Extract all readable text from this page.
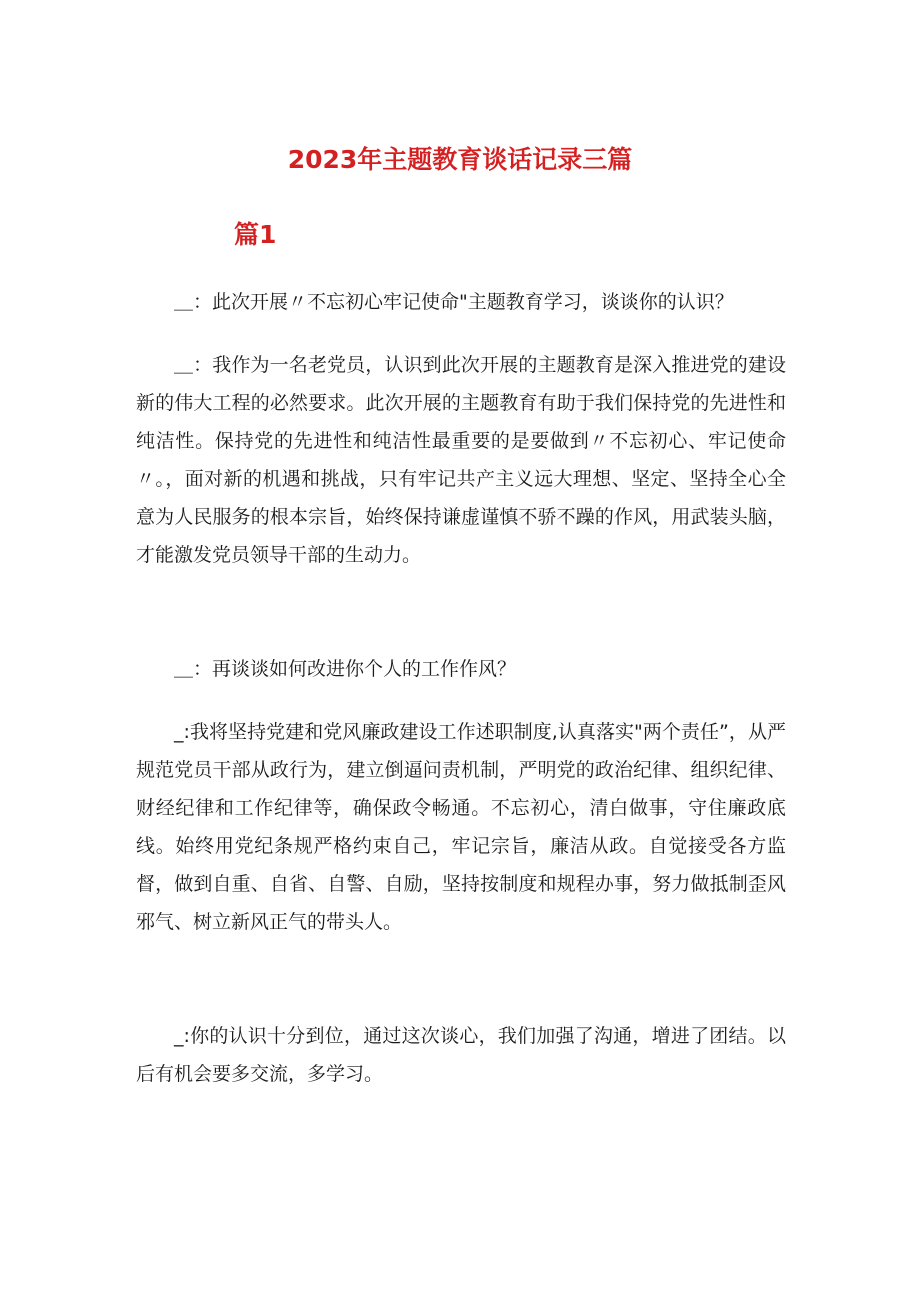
2023年主题教育谈话记录三篇
篇1

＿：此次开展〃不忘初心牢记使命"主题教育学习，谈谈你的认识？

＿：我作为一名老党员，认识到此次开展的主题教育是深入推进党的建设新的伟大工程的必然要求。此次开展的主题教育有助于我们保持党的先进性和纯洁性。保持党的先进性和纯洁性最重要的是要做到〃不忘初心、牢记使命〃。，面对新的机遇和挑战，只有牢记共产主义远大理想、坚定、坚持全心全意为人民服务的根本宗旨，始终保持谦虚谨慎不骄不躁的作风，用武装头脑，才能激发党员领导干部的生动力。

＿：再谈谈如何改进你个人的工作作风？

_:我将坚持党建和党风廉政建设工作述职制度,认真落实"两个责任”，从严规范党员干部从政行为，建立倒逼问责机制，严明党的政治纪律、组织纪律、财经纪律和工作纪律等，确保政令畅通。不忘初心，清白做事，守住廉政底线。始终用党纪条规严格约束自己，牢记宗旨，廉洁从政。自觉接受各方监督，做到自重、自省、自警、自励，坚持按制度和规程办事，努力做抵制歪风邪气、树立新风正气的带头人。

_:你的认识十分到位，通过这次谈心，我们加强了沟通，增进了团结。以后有机会要多交流，多学习。
